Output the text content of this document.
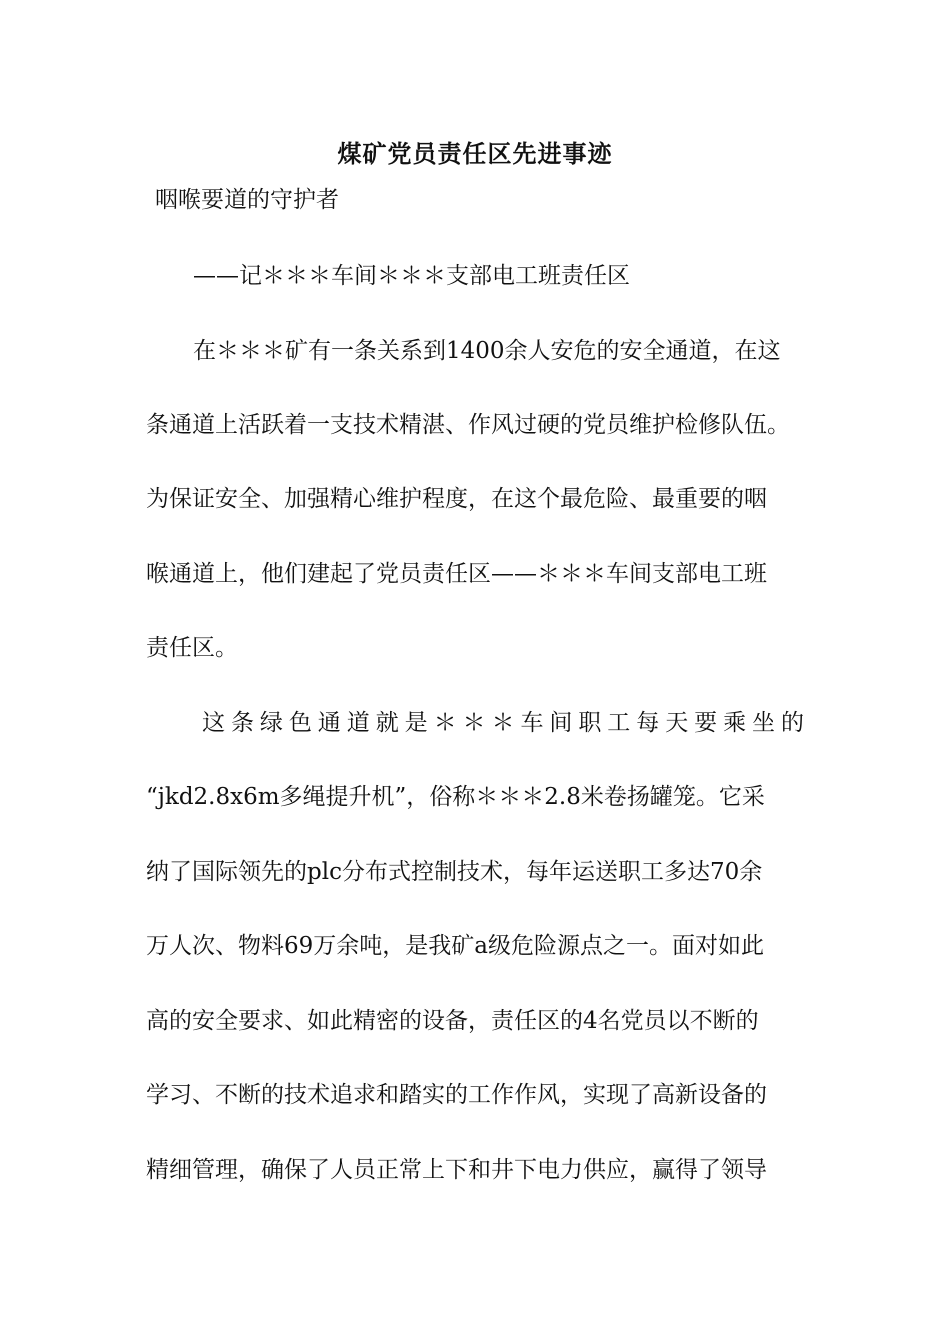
煤矿党员责任区先进事迹

咽喉要道的守护者

——记＊＊＊车间＊＊＊支部电工班责任区

在＊＊＊矿有一条关系到1400余人安危的安全通道，在这

条通道上活跃着一支技术精湛、作风过硬的党员维护检修队伍。

为保证安全、加强精心维护程度，在这个最危险、最重要的咽

喉通道上，他们建起了党员责任区——＊＊＊车间支部电工班

责任区。

这条绿色通道就是＊＊＊车间职工每天要乘坐的

“jkd2.8x6m多绳提升机”，俗称＊＊＊2.8米卷扬罐笼。它采

纳了国际领先的plc分布式控制技术，每年运送职工多达70余

万人次、物料69万余吨，是我矿a级危险源点之一。面对如此

高的安全要求、如此精密的设备，责任区的4名党员以不断的

学习、不断的技术追求和踏实的工作作风，实现了高新设备的

精细管理，确保了人员正常上下和井下电力供应，赢得了领导
